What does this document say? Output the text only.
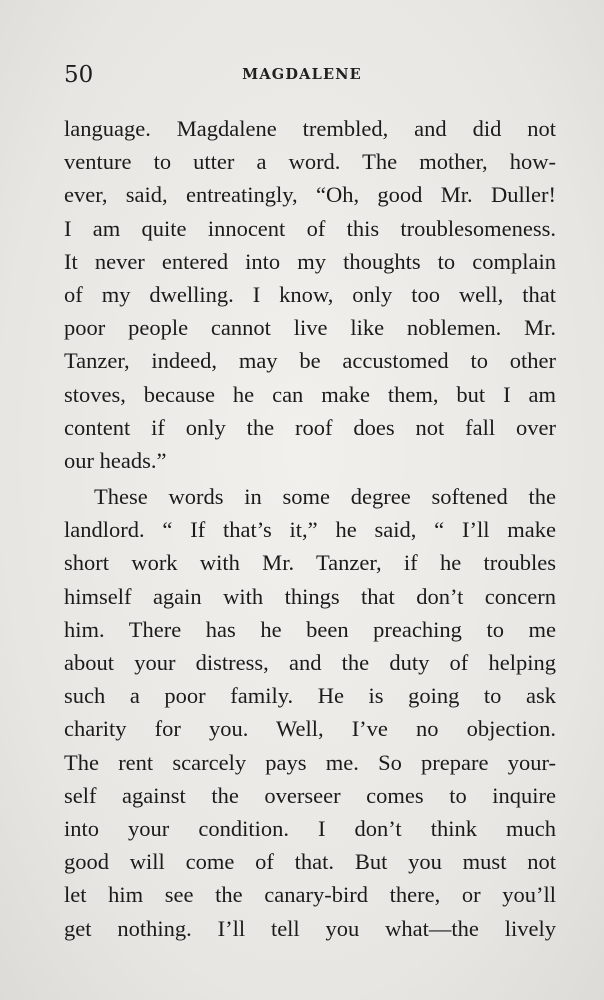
50	MAGDALENE
language. Magdalene trembled, and did not
venture to utter a word. The mother, how-
ever, said, entreatingly, “Oh, good Mr. Duller!
I am quite innocent of this troublesomeness.
It never entered into my thoughts to complain
of my dwelling. I know, only too well, that
poor people cannot live like noblemen. Mr.
Tanzer, indeed, may be accustomed to other
stoves, because he can make them, but I am
content if only the roof does not fall over
our heads.”
These words in some degree softened the
landlord. “ If that’s it,” he said, “ I’ll make
short work with Mr. Tanzer, if he troubles
himself again with things that don’t concern
him. There has he been preaching to me
about your distress, and the duty of helping
such a poor family. He is going to ask
charity for you. Well, I’ve no objection.
The rent scarcely pays me. So prepare your-
self against the overseer comes to inquire
into your condition. I don’t think much
good will come of that. But you must not
let him see the canary-bird there, or you’ll
get nothing. I’ll tell you what—the lively
